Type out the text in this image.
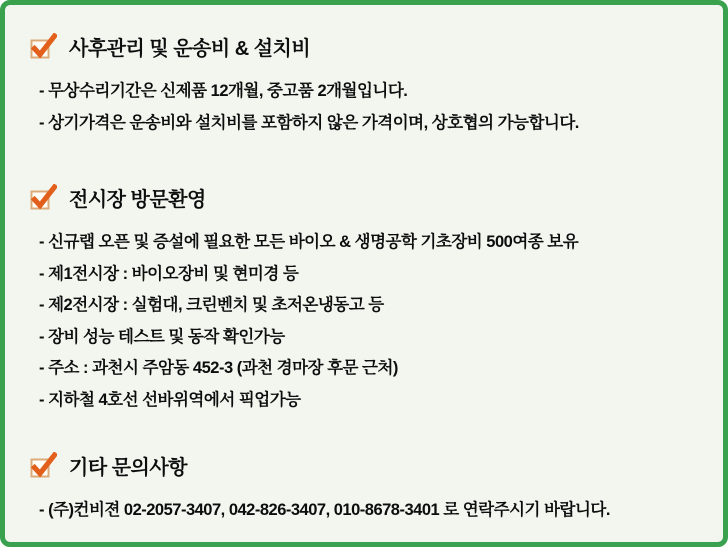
사후관리 및 운송비 & 설치비

- 무상수리기간은 신제품 12개월, 중고품 2개월입니다.

- 상기가격은 운송비와 설치비를 포함하지 않은 가격이며, 상호협의 가능합니다.

전시장 방문환영

- 신규랩 오픈 및 증설에 필요한 모든 바이오 & 생명공학 기초장비 500여종 보유

- 제1전시장 : 바이오장비 및 현미경 등

- 제2전시장 : 실험대, 크린벤치 및 초저온냉동고 등

- 장비 성능 테스트 및 동작 확인가능

- 주소 : 과천시 주암동 452-3 (과천 경마장 후문 근처)

- 지하철 4호선 선바위역에서 픽업가능

기타 문의사항

- (주)컨비젼 02-2057-3407, 042-826-3407, 010-8678-3401 로 연락주시기 바랍니다.
